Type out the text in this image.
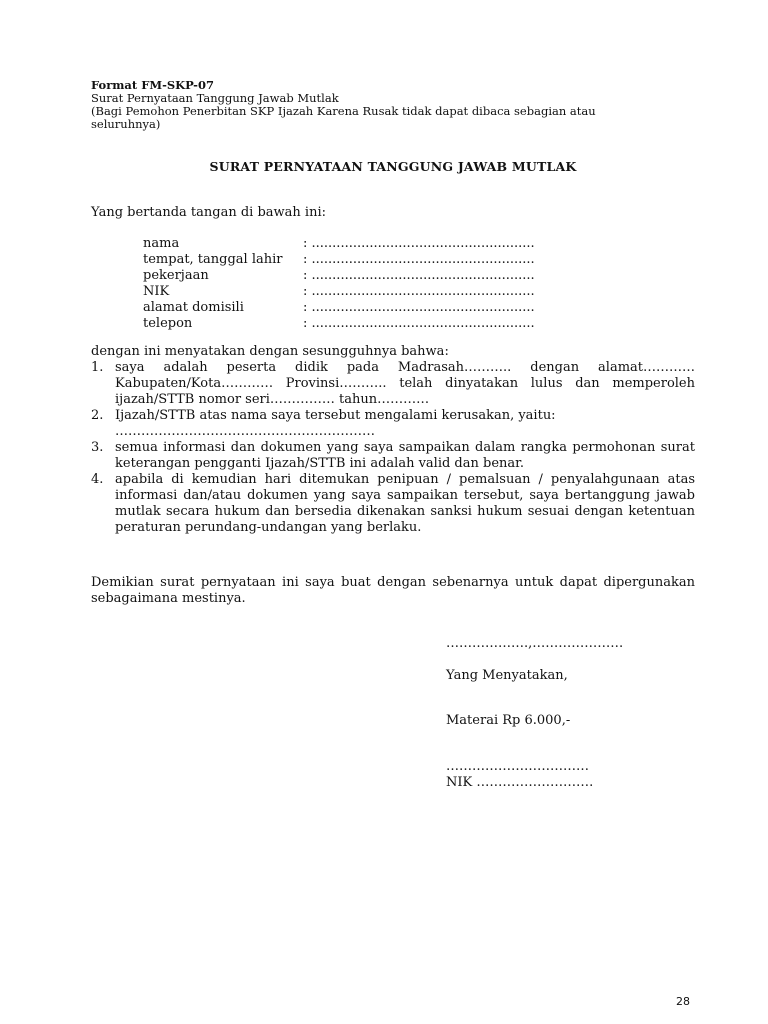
Format FM-SKP-07
Surat Pernyataan Tanggung Jawab Mutlak
(Bagi Pemohon Penerbitan SKP Ijazah Karena Rusak tidak dapat dibaca sebagian atau seluruhnya)
SURAT PERNYATAAN TANGGUNG JAWAB MUTLAK
Yang bertanda tangan di bawah ini:
nama	: ......................................................
tempat, tanggal lahir	: ......................................................
pekerjaan	: ......................................................
NIK	: ......................................................
alamat domisili	: ......................................................
telepon	: ......................................................
dengan ini menyatakan dengan sesungguhnya bahwa:
1. saya adalah peserta didik pada Madrasah……….. dengan alamat………… Kabupaten/Kota………… Provinsi……….. telah dinyatakan lulus dan memperoleh ijazah/STTB nomor seri…………… tahun…………
2. Ijazah/STTB atas nama saya tersebut mengalami kerusakan, yaitu:
……………………………………………………
3. semua informasi dan dokumen yang saya sampaikan dalam rangka permohonan surat keterangan pengganti Ijazah/STTB ini adalah valid dan benar.
4. apabila di kemudian hari ditemukan penipuan / pemalsuan / penyalahgunaan atas informasi dan/atau dokumen yang saya sampaikan tersebut, saya bertanggung jawab mutlak secara hukum dan bersedia dikenakan sanksi hukum sesuai dengan ketentuan peraturan perundang-undangan yang berlaku.
Demikian surat pernyataan ini saya buat dengan sebenarnya untuk dapat dipergunakan sebagaimana mestinya.
……………….,…………………
Yang Menyatakan,
Materai Rp 6.000,-
……………………………
NIK ………………………
28
